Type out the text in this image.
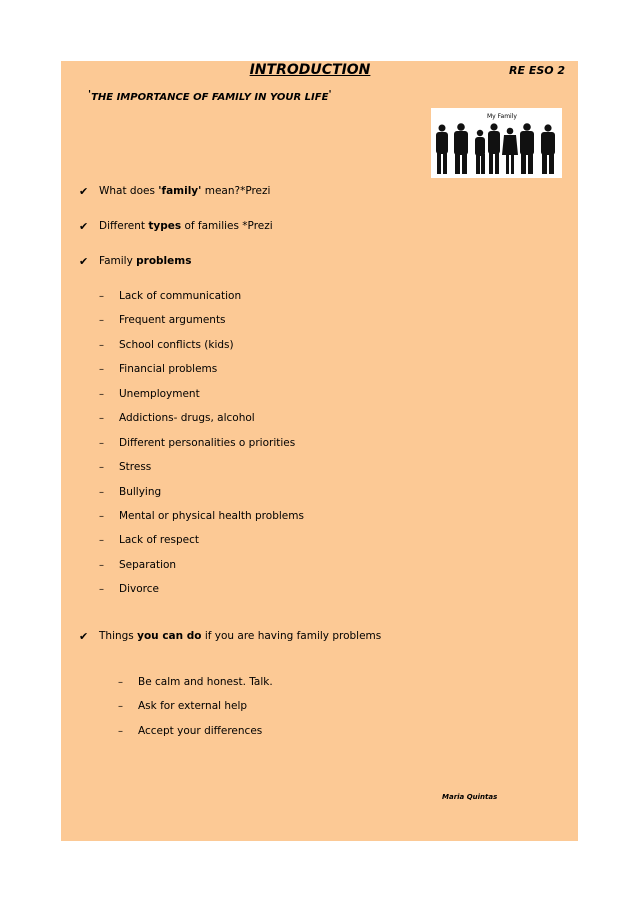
INTRODUCTION	RE ESO 2
'THE IMPORTANCE OF FAMILY IN YOUR LIFE'
My Family
✔ What does 'family' mean?*Prezi
✔ Different types of families *Prezi
✔ Family problems
– Lack of communication
– Frequent arguments
– School conflicts (kids)
– Financial problems
– Unemployment
– Addictions- drugs, alcohol
– Different personalities o priorities
– Stress
– Bullying
– Mental or physical health problems
– Lack of respect
– Separation
– Divorce
✔ Things you can do if you are having family problems
– Be calm and honest. Talk.
– Ask for external help
– Accept your differences
Maria Quintas
